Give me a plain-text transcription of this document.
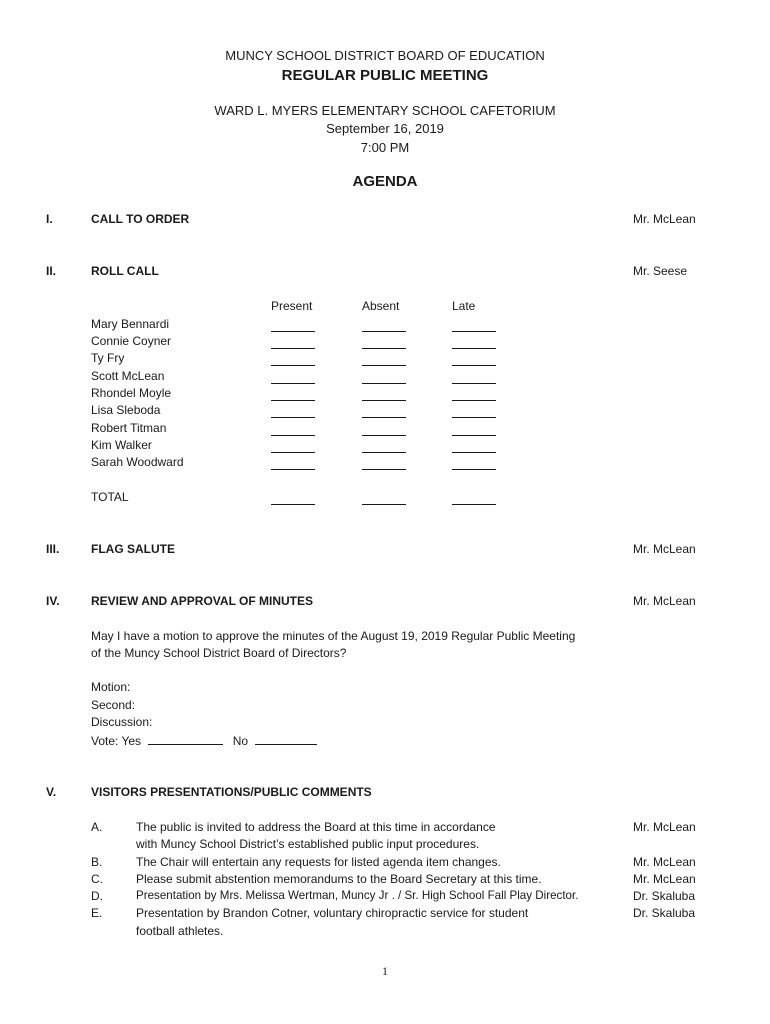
MUNCY SCHOOL DISTRICT BOARD OF EDUCATION
REGULAR PUBLIC MEETING
WARD L. MYERS ELEMENTARY SCHOOL CAFETORIUM
September 16, 2019
7:00 PM
AGENDA
I.	CALL TO ORDER	Mr. McLean
II.	ROLL CALL	Mr. Seese
Present	Absent	Late
Mary Bennardi
Connie Coyner
Ty Fry
Scott McLean
Rhondel Moyle
Lisa Sleboda
Robert Titman
Kim Walker
Sarah Woodward
TOTAL
III.	FLAG SALUTE	Mr. McLean
IV.	REVIEW AND APPROVAL OF MINUTES	Mr. McLean
May I have a motion to approve the minutes of the August 19, 2019 Regular Public Meeting
of the Muncy School District Board of Directors?
Motion:
Second:
Discussion:
Vote: Yes	No
V.	VISITORS PRESENTATIONS/PUBLIC COMMENTS
A.	The public is invited to address the Board at this time in accordance
with Muncy School District’s established public input procedures.
Mr. McLean
B.	The Chair will entertain any requests for listed agenda item changes.	Mr. McLean
C.	Please submit abstention memorandums to the Board Secretary at this time.	Mr. McLean
D.	Presentation by Mrs. Melissa Wertman, Muncy Jr . / Sr. High School Fall Play Director.	Dr. Skaluba
E.	Presentation by Brandon Cotner, voluntary chiropractic service for student
football athletes.
Dr. Skaluba
1
